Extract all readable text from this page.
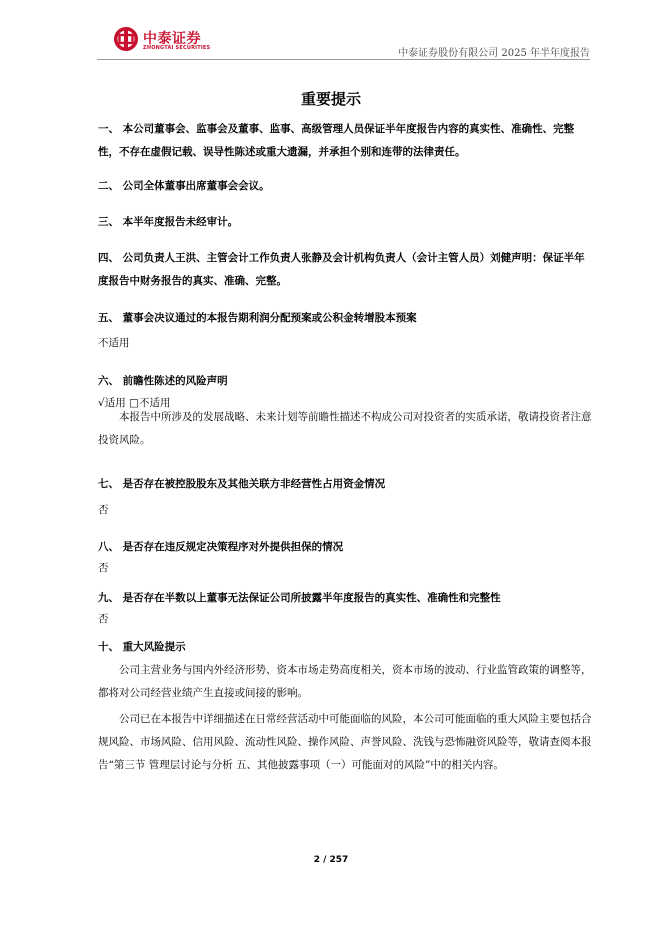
中泰证券
ZHONGTAI SECURITIES	中泰证券股份有限公司 2025 年半年度报告
重要提示
一、 本公司董事会、监事会及董事、监事、高级管理人员保证半年度报告内容的真实性、准确性、完整性，不存在虚假记载、误导性陈述或重大遗漏，并承担个别和连带的法律责任。
二、 公司全体董事出席董事会会议。
三、 本半年度报告未经审计。
四、 公司负责人王洪、主管会计工作负责人张静及会计机构负责人（会计主管人员）刘健声明：保证半年度报告中财务报告的真实、准确、完整。
五、 董事会决议通过的本报告期利润分配预案或公积金转增股本预案
不适用
六、 前瞻性陈述的风险声明
√适用 □不适用
本报告中所涉及的发展战略、未来计划等前瞻性描述不构成公司对投资者的实质承诺，敬请投资者注意投资风险。
七、 是否存在被控股股东及其他关联方非经营性占用资金情况
否
八、 是否存在违反规定决策程序对外提供担保的情况
否
九、 是否存在半数以上董事无法保证公司所披露半年度报告的真实性、准确性和完整性
否
十、 重大风险提示
公司主营业务与国内外经济形势、资本市场走势高度相关，资本市场的波动、行业监管政策的调整等，都将对公司经营业绩产生直接或间接的影响。
公司已在本报告中详细描述在日常经营活动中可能面临的风险，本公司可能面临的重大风险主要包括合规风险、市场风险、信用风险、流动性风险、操作风险、声誉风险、洗钱与恐怖融资风险等，敬请查阅本报告“第三节 管理层讨论与分析 五、其他披露事项（一）可能面对的风险”中的相关内容。
2 / 257
